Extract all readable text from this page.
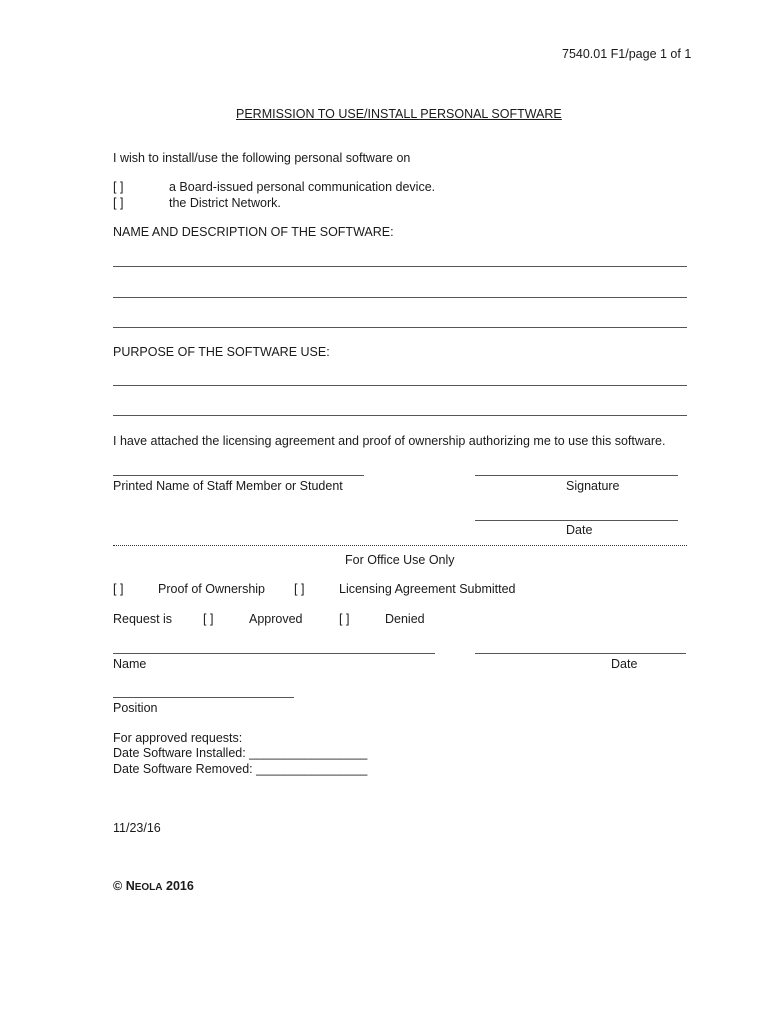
7540.01 F1/page 1 of 1
PERMISSION TO USE/INSTALL PERSONAL SOFTWARE
I wish to install/use the following personal software on
[ ]	a Board-issued personal communication device.
[ ]	the District Network.
NAME AND DESCRIPTION OF THE SOFTWARE:
PURPOSE OF THE SOFTWARE USE:
I have attached the licensing agreement and proof of ownership authorizing me to use this software.
Printed Name of Staff Member or Student	Signature
Date
For Office Use Only
[ ]	Proof of Ownership [ ]	Licensing Agreement Submitted
Request is [ ]	Approved	[ ]	Denied
Name	Date
Position
For approved requests:
Date Software Installed: _________________
Date Software Removed: ________________
11/23/16
© NEOLA 2016
